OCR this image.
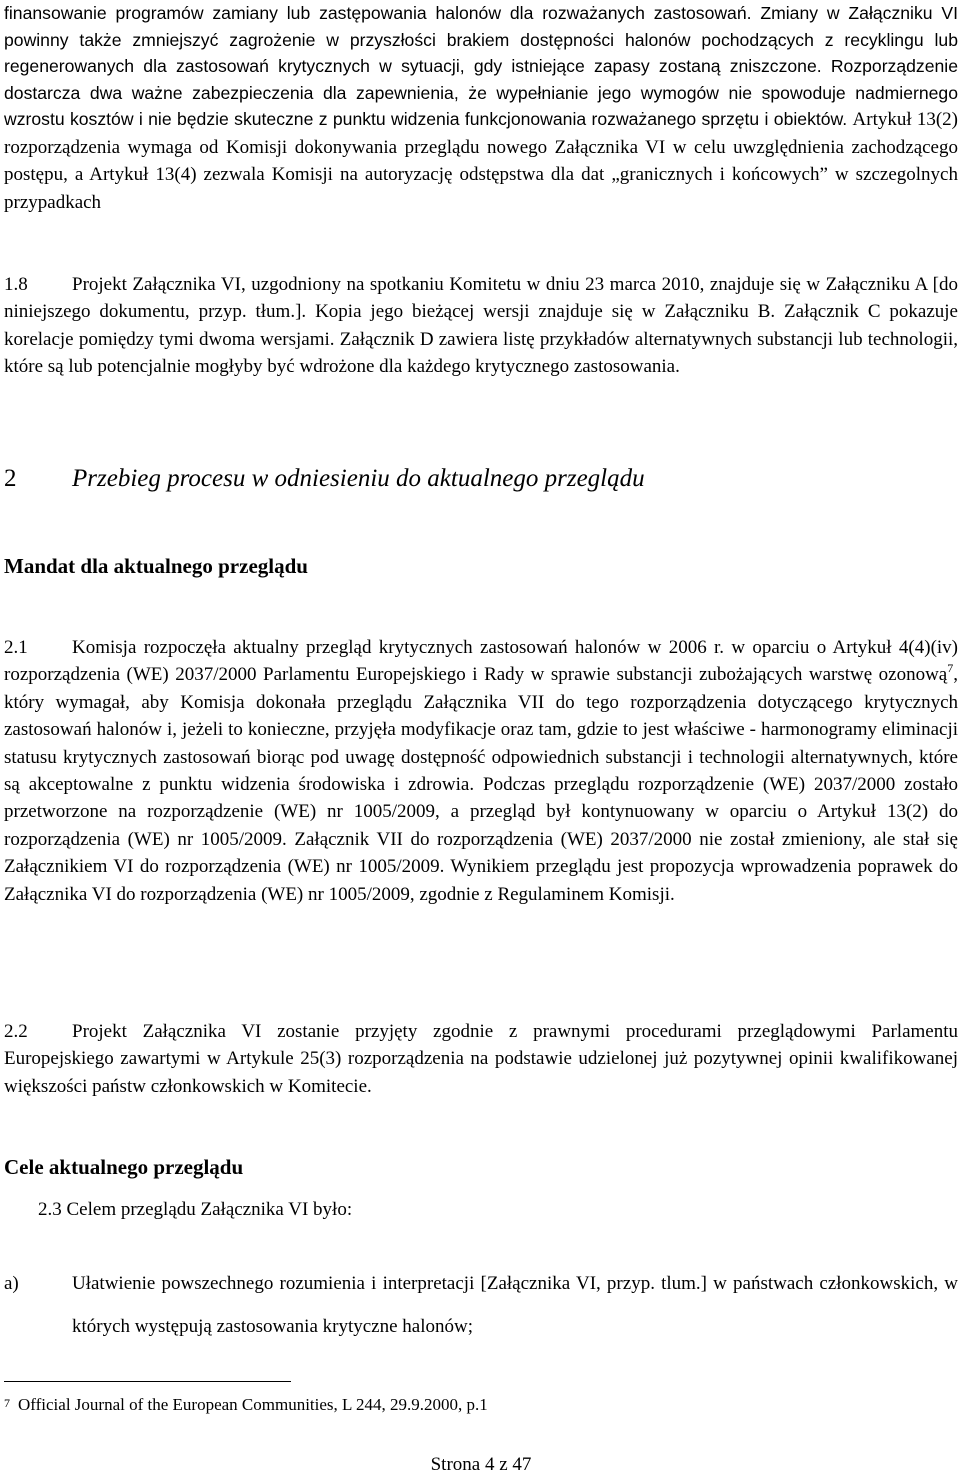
finansowanie programów zamiany lub zastępowania halonów dla rozważanych zastosowań. Zmiany w Załączniku VI powinny także zmniejszyć zagrożenie w przyszłości brakiem dostępności halonów pochodzących z recyklingu lub regenerowanych dla zastosowań krytycznych w sytuacji, gdy istniejące zapasy zostaną zniszczone. Rozporządzenie dostarcza dwa ważne zabezpieczenia dla zapewnienia, że wypełnianie jego wymogów nie spowoduje nadmiernego wzrostu kosztów i nie będzie skuteczne z punktu widzenia funkcjonowania rozważanego sprzętu i obiektów. Artykuł 13(2) rozporządzenia wymaga od Komisji dokonywania przeglądu nowego Załącznika VI w celu uwzględnienia zachodzącego postępu, a Artykuł 13(4) zezwala Komisji na autoryzację odstępstwa dla dat „granicznych i końcowych” w szczegolnych przypadkach

1.8 Projekt Załącznika VI, uzgodniony na spotkaniu Komitetu w dniu 23 marca 2010, znajduje się w Załączniku A [do niniejszego dokumentu, przyp. tłum.]. Kopia jego bieżącej wersji znajduje się w Załączniku B. Załącznik C pokazuje korelacje pomiędzy tymi dwoma wersjami. Załącznik D zawiera listę przykładów alternatywnych substancji lub technologii, które są lub potencjalnie mogłyby być wdrożone dla każdego krytycznego zastosowania.

2 Przebieg procesu w odniesieniu do aktualnego przeglądu
Mandat dla aktualnego przeglądu

2.1 Komisja rozpoczęła aktualny przegląd krytycznych zastosowań halonów w 2006 r. w oparciu o Artykuł 4(4)(iv) rozporządzenia (WE) 2037/2000 Parlamentu Europejskiego i Rady w sprawie substancji zubożających warstwę ozonową$^7$, który wymagał, aby Komisja dokonała przeglądu Załącznika VII do tego rozporządzenia dotyczącego krytycznych zastosowań halonów i, jeżeli to konieczne, przyjęła modyfikacje oraz tam, gdzie to jest właściwe - harmonogramy eliminacji statusu krytycznych zastosowań biorąc pod uwagę dostępność odpowiednich substancji i technologii alternatywnych, które są akceptowalne z punktu widzenia środowiska i zdrowia. Podczas przeglądu rozporządzenie (WE) 2037/2000 zostało przetworzone na rozporządzenie (WE) nr 1005/2009, a przegląd był kontynuowany w oparciu o Artykuł 13(2) do rozporządzenia (WE) nr 1005/2009. Załącznik VII do rozporządzenia (WE) 2037/2000 nie został zmieniony, ale stał się Załącznikiem VI do rozporządzenia (WE) nr 1005/2009. Wynikiem przeglądu jest propozycja wprowadzenia poprawek do Załącznika VI do rozporządzenia (WE) nr 1005/2009, zgodnie z Regulaminem Komisji.

2.2 Projekt Załącznika VI zostanie przyjęty zgodnie z prawnymi procedurami przeglądowymi Parlamentu Europejskiego zawartymi w Artykule 25(3) rozporządzenia na podstawie udzielonej już pozytywnej opinii kwalifikowanej większości państw członkowskich w Komitecie.

Cele aktualnego przeglądu

2.3 Celem przeglądu Załącznika VI było:

a)	Ułatwienie powszechnego rozumienia i interpretacji [Załącznika VI, przyp. tlum.] w państwach członkowskich, w których występują zastosowania krytyczne halonów;

$^7$ Official Journal of the European Communities, L 244, 29.9.2000, p.1

Strona 4 z 47
